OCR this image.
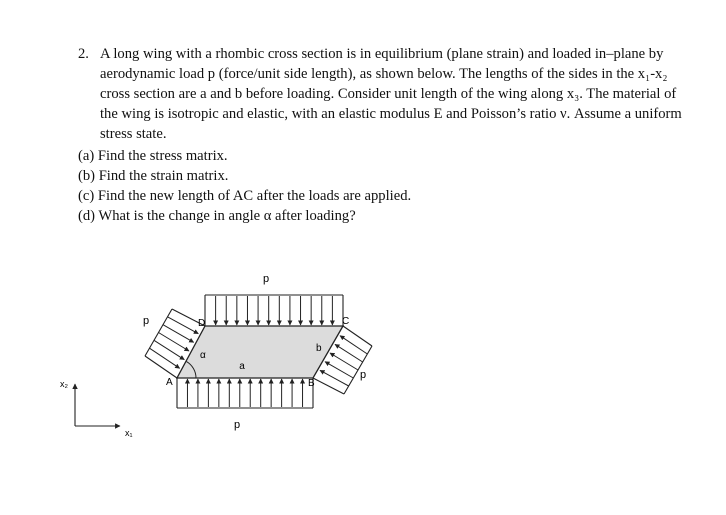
2. A long wing with a rhombic cross section is in equilibrium (plane strain) and loaded in–plane by aerodynamic load p (force/unit side length), as shown below. The lengths of the sides in the x₁-x₂ cross section are a and b before loading. Consider unit length of the wing along x₃. The material of the wing is isotropic and elastic, with an elastic modulus E and Poisson’s ratio ν. Assume a uniform stress state.
(a) Find the stress matrix.
(b) Find the strain matrix.
(c) Find the new length of AC after the loads are applied.
(d) What is the change in angle α after loading?
p
p
p
p
A	B
C
D
a
b
α
x₂
x₁
